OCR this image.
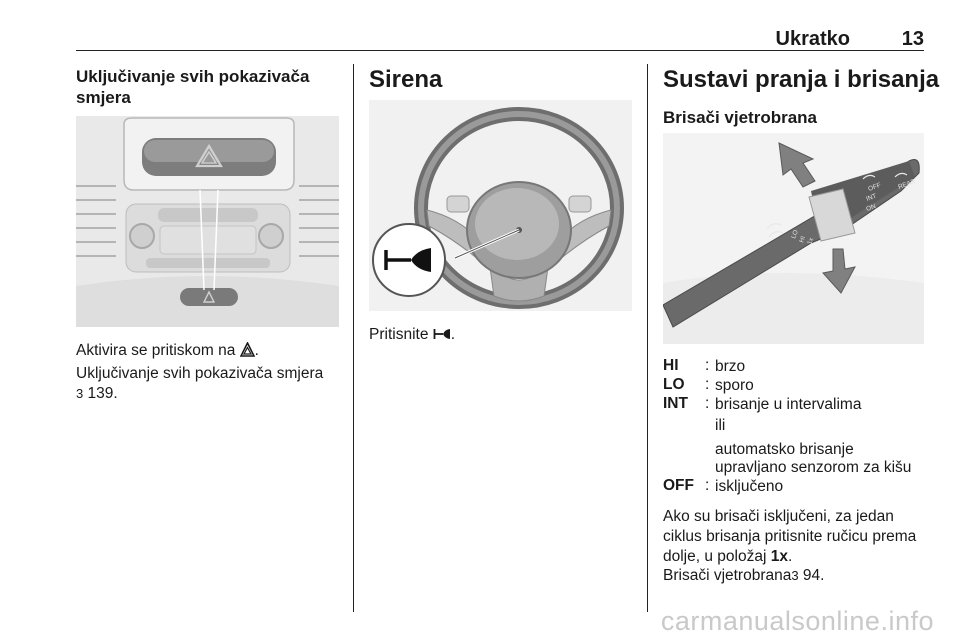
Ukratko	13
Uključivanje svih pokazivača smjera
Aktivira se pritiskom na .
Uključivanje svih pokazivača smjera
3 139.
Sirena
Pritisnite .
Sustavi pranja i brisanja
Brisači vjetrobrana
OFF
INT
ON
REAR
LO
HI 1x
HI : brzo
LO : sporo
INT : brisanje u intervalima
ili
automatsko brisanje
upravljano senzorom za kišu
OFF : isključeno
Ako su brisači isključeni, za jedan ciklus brisanja pritisnite ručicu prema dolje, u položaj 1x.
Brisači vjetrobrana3 94.
carmanualsonline.info
